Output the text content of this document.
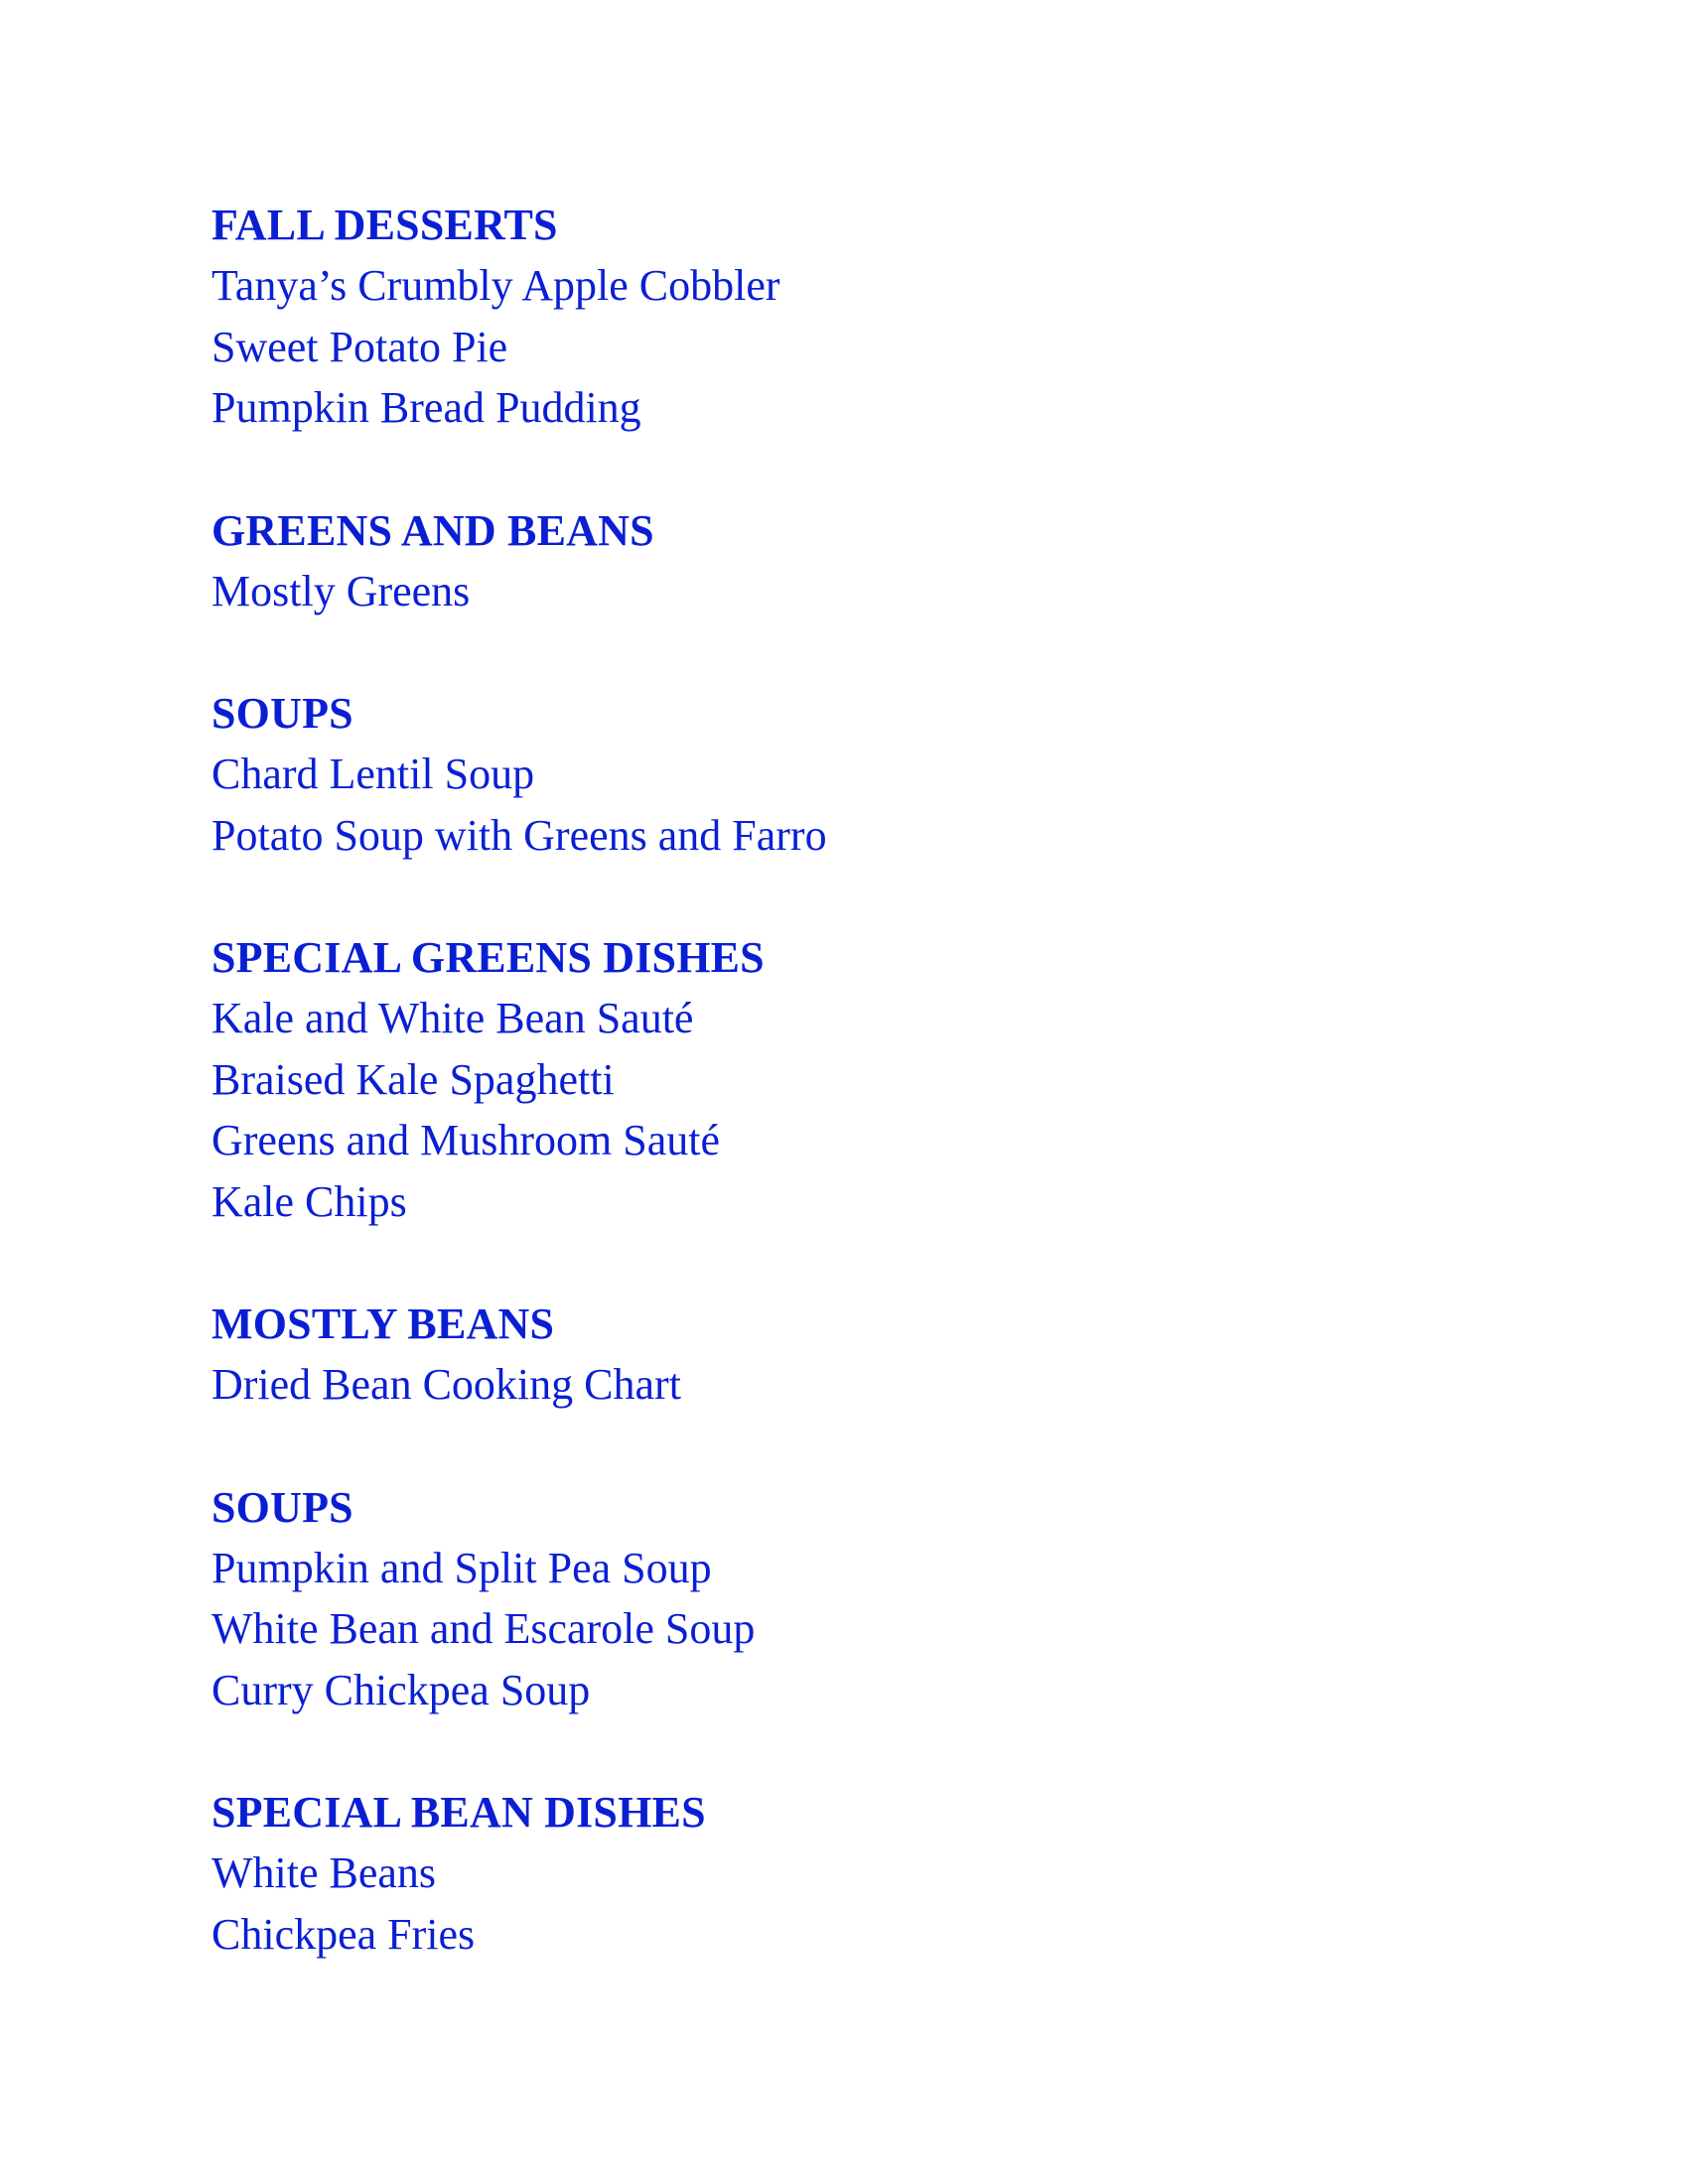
FALL DESSERTS
Tanya’s Crumbly Apple Cobbler
Sweet Potato Pie
Pumpkin Bread Pudding
GREENS AND BEANS
Mostly Greens
SOUPS
Chard Lentil Soup
Potato Soup with Greens and Farro
SPECIAL GREENS DISHES
Kale and White Bean Sauté
Braised Kale Spaghetti
Greens and Mushroom Sauté
Kale Chips
MOSTLY BEANS
Dried Bean Cooking Chart
SOUPS
Pumpkin and Split Pea Soup
White Bean and Escarole Soup
Curry Chickpea Soup
SPECIAL BEAN DISHES
White Beans
Chickpea Fries
